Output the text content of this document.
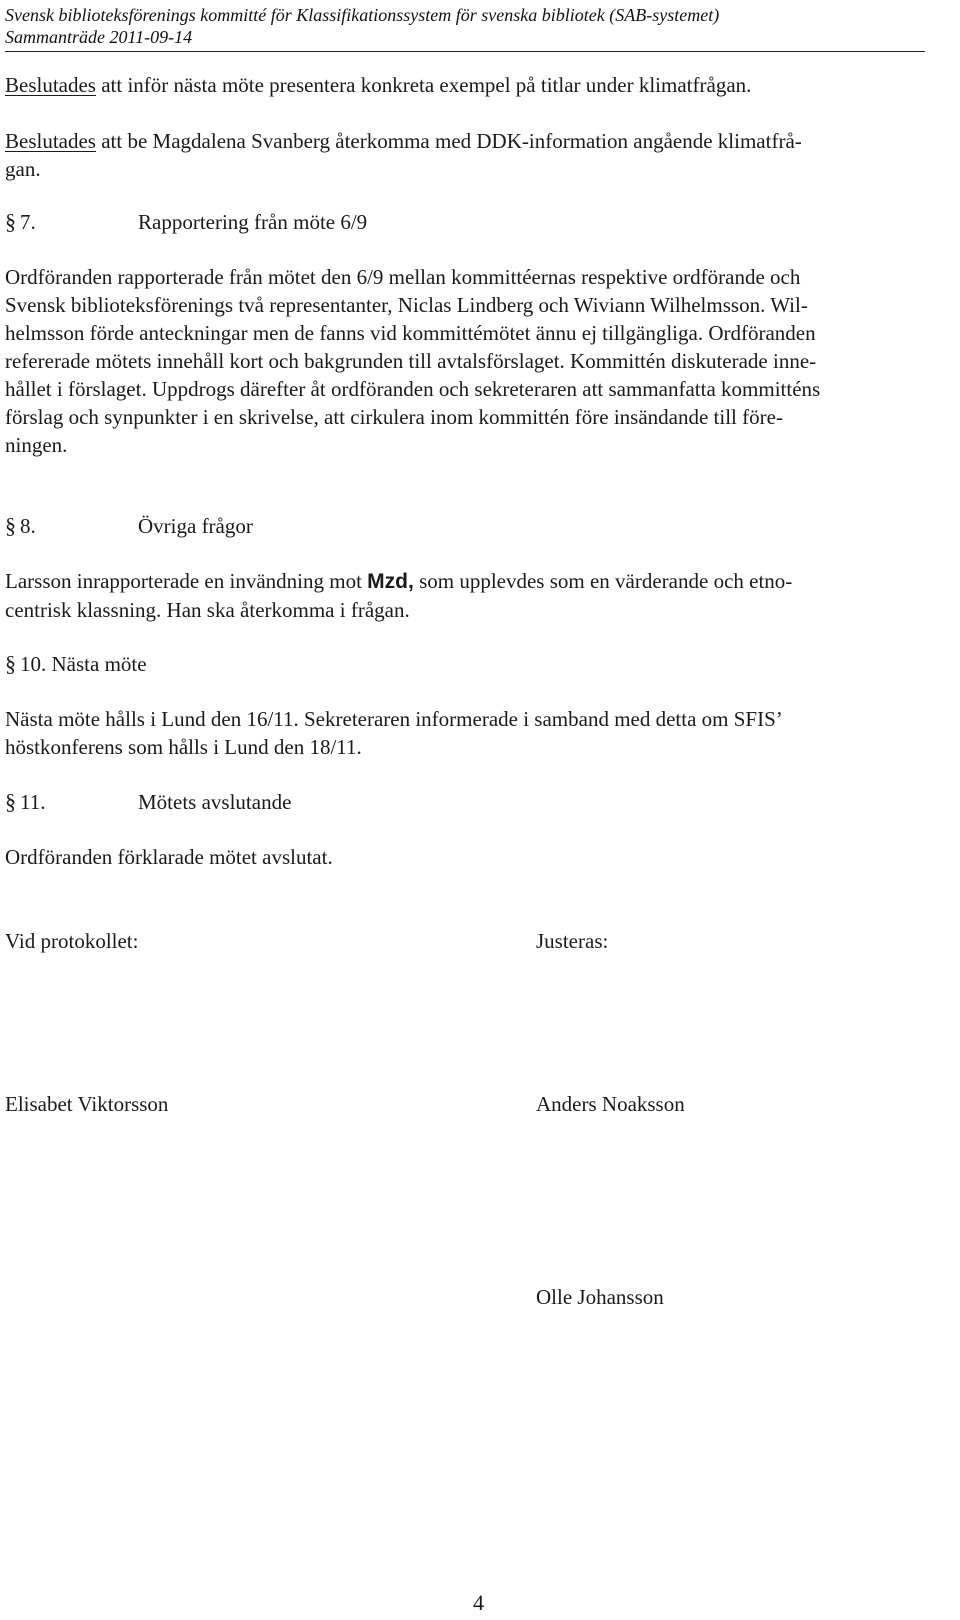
Svensk biblioteksförenings kommitté för Klassifikationssystem för svenska bibliotek (SAB-systemet)
Sammanträde 2011-09-14
Beslutades att inför nästa möte presentera konkreta exempel på titlar under klimatfrågan.
Beslutades att be Magdalena Svanberg återkomma med DDK-information angående klimatfrå-
gan.
§ 7.	Rapportering från möte 6/9
Ordföranden rapporterade från mötet den 6/9 mellan kommittéernas respektive ordförande och
Svensk biblioteksförenings två representanter, Niclas Lindberg och Wiviann Wilhelmsson. Wil-
helmsson förde anteckningar men de fanns vid kommittémötet ännu ej tillgängliga. Ordföranden
refererade mötets innehåll kort och bakgrunden till avtalsförslaget. Kommittén diskuterade inne-
hållet i förslaget. Uppdrogs därefter åt ordföranden och sekreteraren att sammanfatta kommitténs
förslag och synpunkter i en skrivelse, att cirkulera inom kommittén före insändande till före-
ningen.
§ 8.	Övriga frågor
Larsson inrapporterade en invändning mot Mzd, som upplevdes som en värderande och etno-
centrisk klassning. Han ska återkomma i frågan.
§ 10. Nästa möte
Nästa möte hålls i Lund den 16/11. Sekreteraren informerade i samband med detta om SFIS’
höstkonferens som hålls i Lund den 18/11.
§ 11.	Mötets avslutande
Ordföranden förklarade mötet avslutat.
Vid protokollet:	Justeras:
Elisabet Viktorsson	Anders Noaksson
Olle Johansson
4
